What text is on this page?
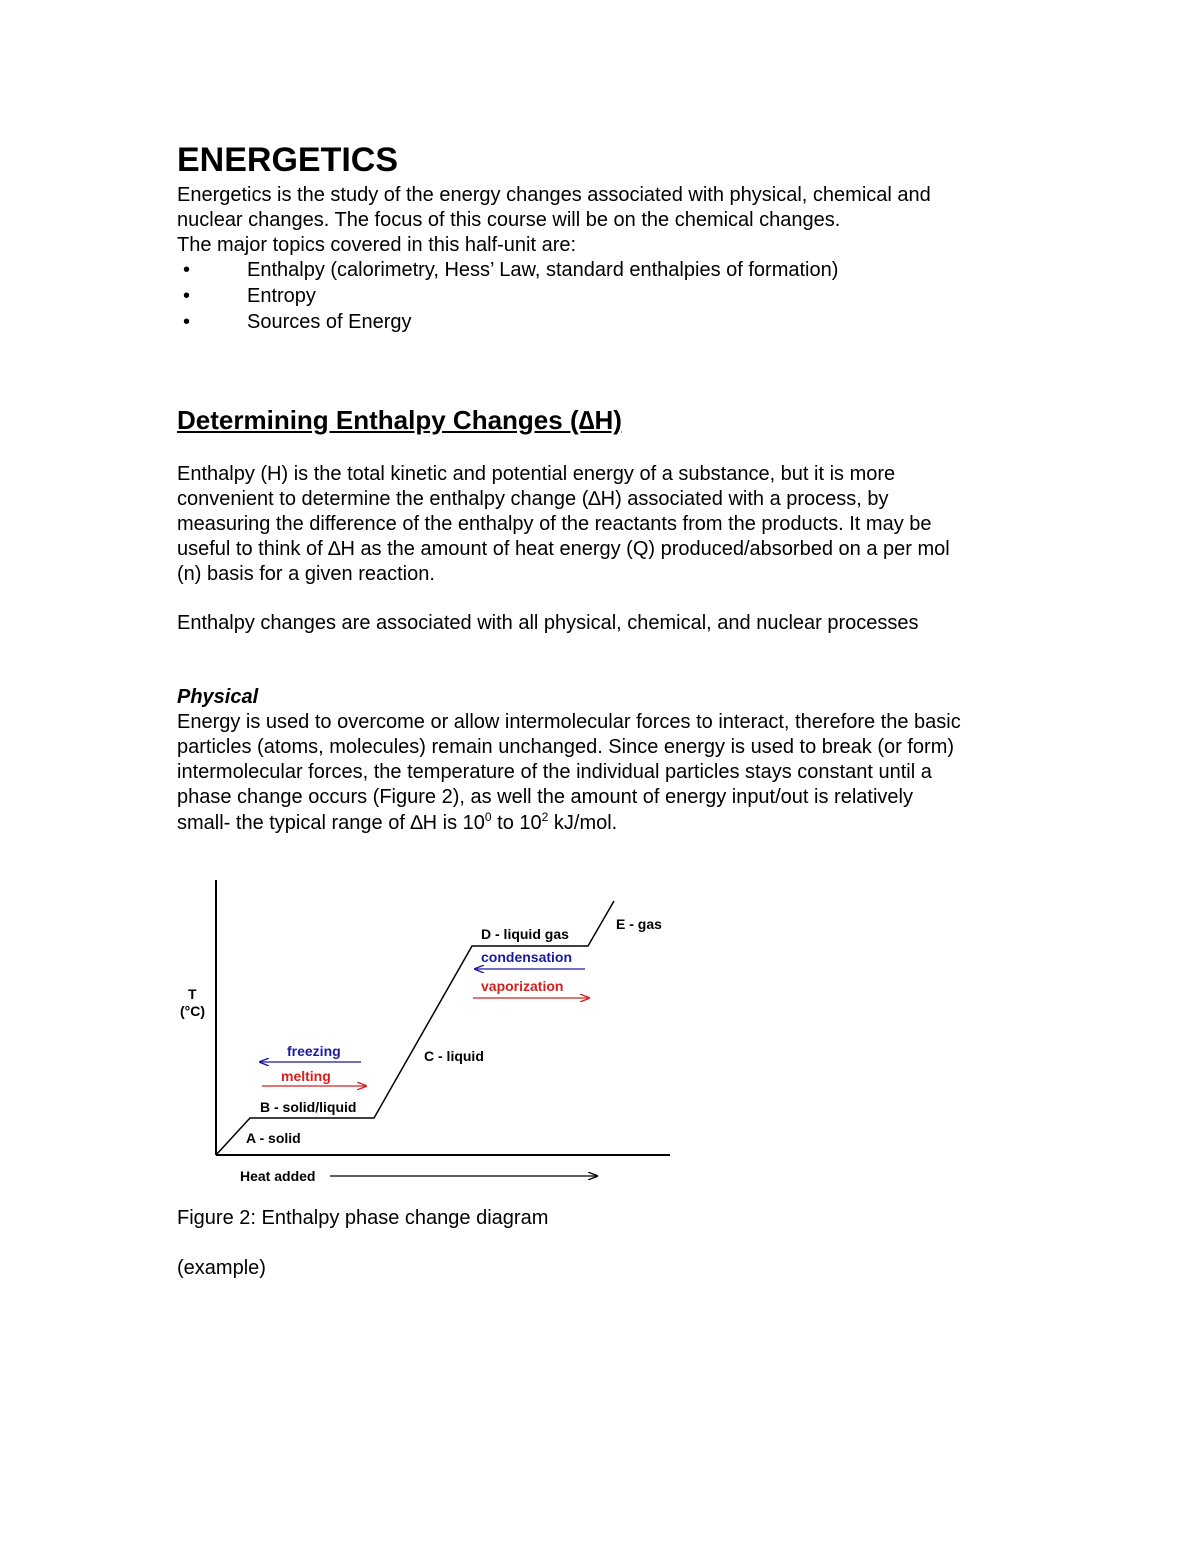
ENERGETICS
Energetics is the study of the energy changes associated with physical, chemical and
nuclear changes. The focus of this course will be on the chemical changes.
The major topics covered in this half-unit are:
•	Enthalpy (calorimetry, Hess’ Law, standard enthalpies of formation)
•	Entropy
•	Sources of Energy
Determining Enthalpy Changes (∆H)
Enthalpy (H) is the total kinetic and potential energy of a substance, but it is more
convenient to determine the enthalpy change (∆H) associated with a process, by
measuring the difference of the enthalpy of the reactants from the products. It may be
useful to think of ∆H as the amount of heat energy (Q) produced/absorbed on a per mol
(n) basis for a given reaction.
Enthalpy changes are associated with all physical, chemical, and nuclear processes
Physical
Energy is used to overcome or allow intermolecular forces to interact, therefore the basic
particles (atoms, molecules) remain unchanged. Since energy is used to break (or form)
intermolecular forces, the temperature of the individual particles stays constant until a
phase change occurs (Figure 2), as well the amount of energy input/out is relatively
small- the typical range of ∆H is $10^0$ to $10^2$ kJ/mol.
T
(°C)
Heat added
A - solid
B - solid/liquid
C - liquid
D - liquid gas
E - gas
freezing
melting
condensation
vaporization
Figure 2: Enthalpy phase change diagram
(example)
